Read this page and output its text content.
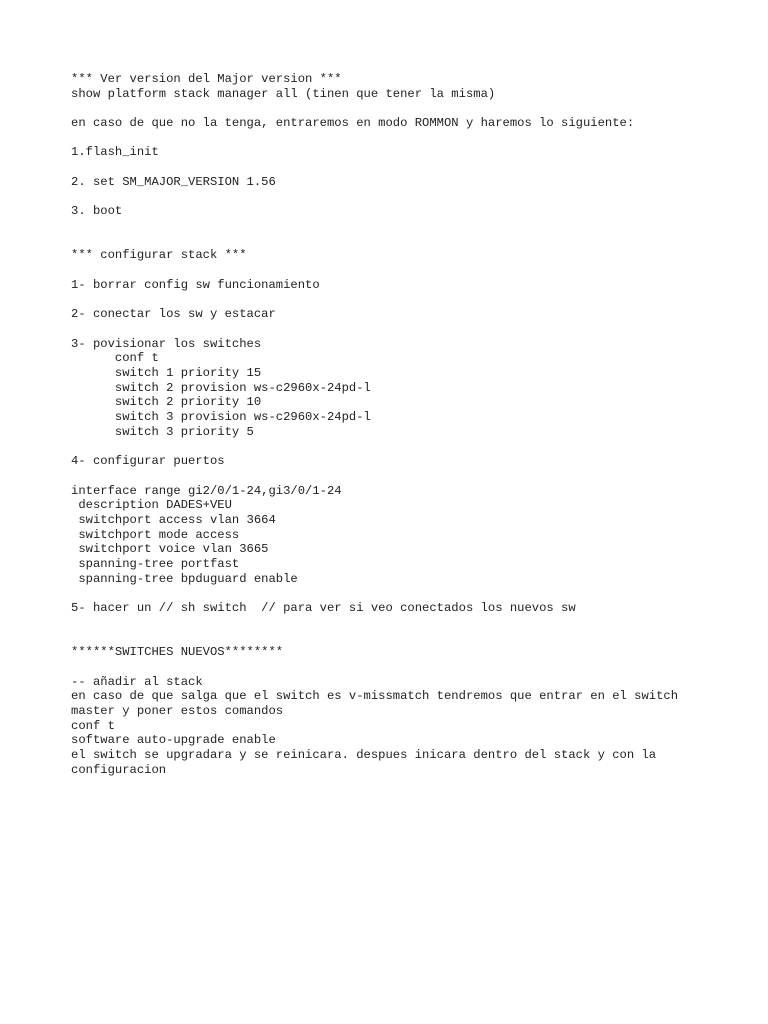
*** Ver version del Major version ***
show platform stack manager all (tinen que tener la misma)
en caso de que no la tenga, entraremos en modo ROMMON y haremos lo siguiente:
1.flash_init
2. set SM_MAJOR_VERSION 1.56
3. boot
*** configurar stack ***
1- borrar config sw funcionamiento
2- conectar los sw y estacar
3- povisionar los switches
conf t
switch 1 priority 15
switch 2 provision ws-c2960x-24pd-l
switch 2 priority 10
switch 3 provision ws-c2960x-24pd-l
switch 3 priority 5
4- configurar puertos
interface range gi2/0/1-24,gi3/0/1-24
description DADES+VEU
switchport access vlan 3664
switchport mode access
switchport voice vlan 3665
spanning-tree portfast
spanning-tree bpduguard enable
5- hacer un // sh switch  // para ver si veo conectados los nuevos sw
******SWITCHES NUEVOS********
-- añadir al stack
en caso de que salga que el switch es v-missmatch tendremos que entrar en el switch
master y poner estos comandos
conf t
software auto-upgrade enable
el switch se upgradara y se reinicara. despues inicara dentro del stack y con la
configuracion
